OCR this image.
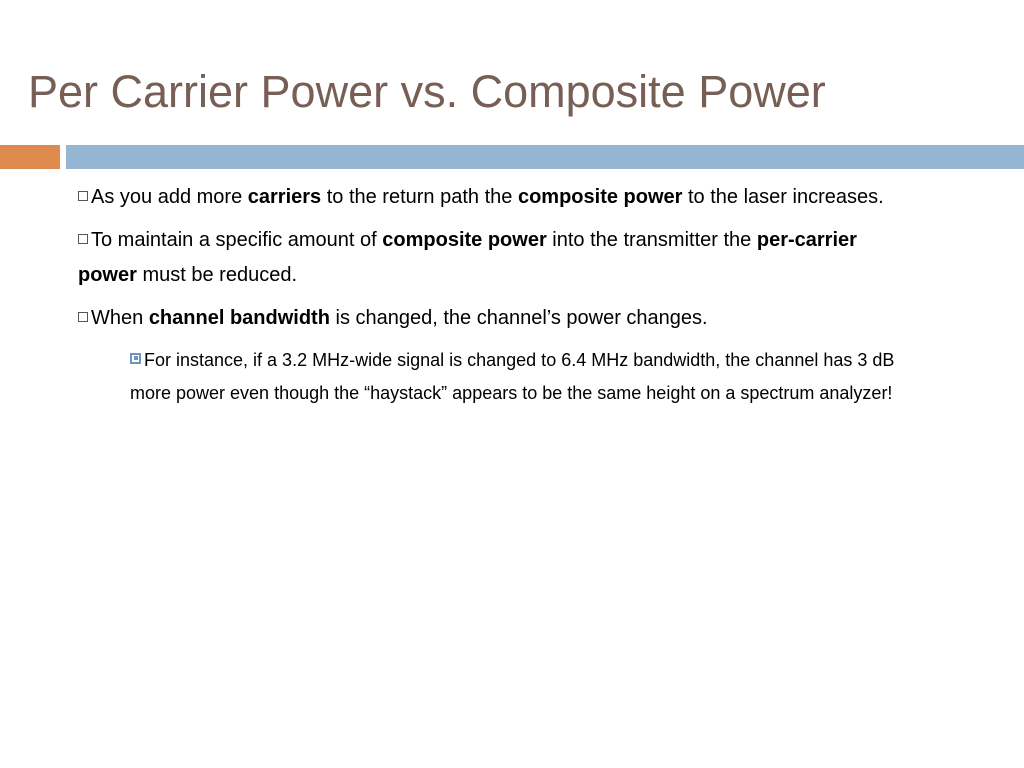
Per Carrier Power vs. Composite Power

As you add more carriers to the return path the composite power to the laser increases.

To maintain a specific amount of composite power into the transmitter the per-carrier power must be reduced.

When channel bandwidth is changed, the channel’s power changes.

For instance, if a 3.2 MHz-wide signal is changed to 6.4 MHz bandwidth, the channel has 3 dB more power even though the “haystack” appears to be the same height on a spectrum analyzer!
